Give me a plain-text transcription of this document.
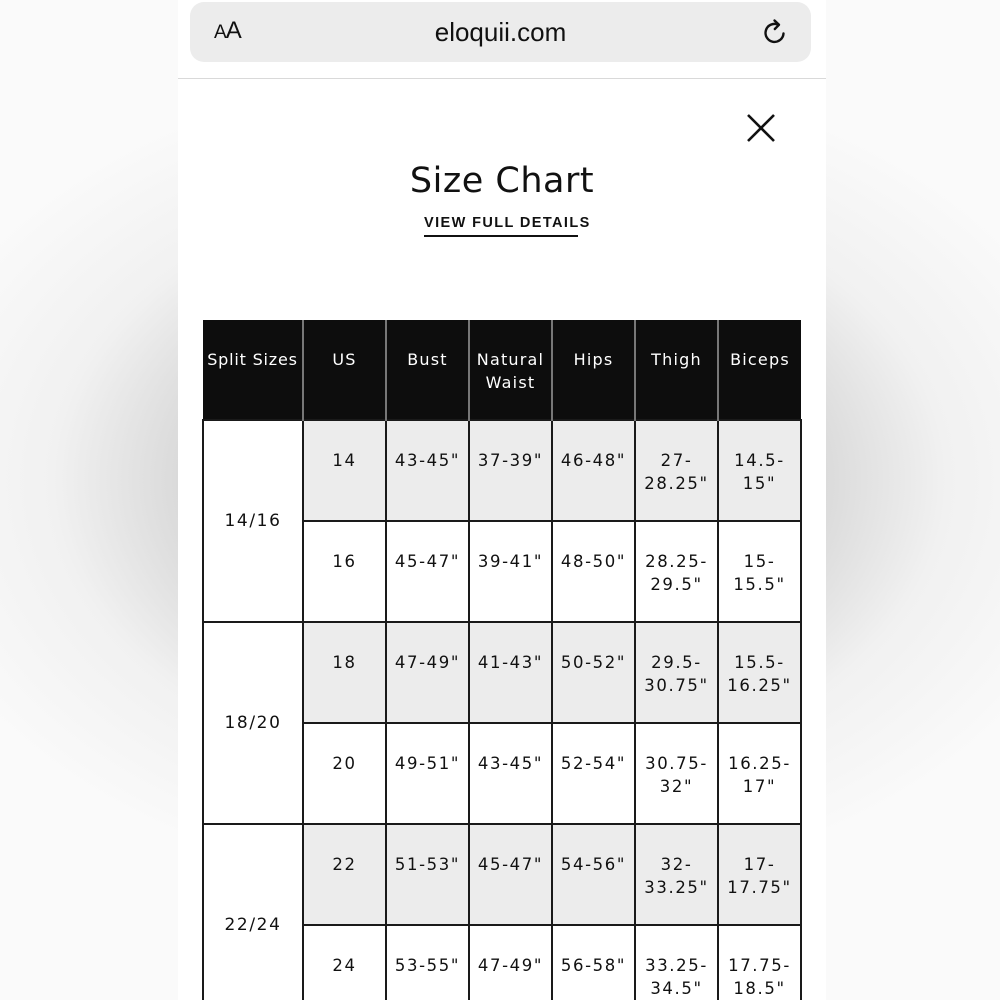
AA	eloquii.com
Size Chart
VIEW FULL DETAILS
Split Sizes	US	Bust	Natural Waist	Hips	Thigh	Biceps
14/16	14	43-45"	37-39"	46-48"	27-​28.25"	14.5-​15"
	16	45-47"	39-41"	48-50"	28.25-​29.5"	15-​15.5"
18/20	18	47-49"	41-43"	50-52"	29.5-​30.75"	15.5-​16.25"
	20	49-51"	43-45"	52-54"	30.75-​32"	16.25-​17"
22/24	22	51-53"	45-47"	54-56"	32-​33.25"	17-​17.75"
	24	53-55"	47-49"	56-58"	33.25-​34.5"	17.75-​18.5"
